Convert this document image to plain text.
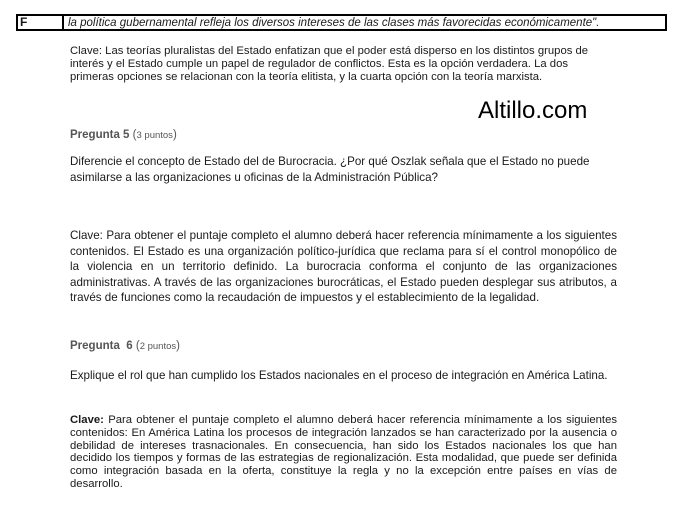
F	la política gubernamental refleja los diversos intereses de las clases más favorecidas económicamente".
Clave: Las teorías pluralistas del Estado enfatizan que el poder está disperso en los distintos grupos de interés y el Estado cumple un papel de regulador de conflictos. Esta es la opción verdadera. La dos primeras opciones se relacionan con la teoría elitista, y la cuarta opción con la teoría marxista.
Altillo.com
Pregunta 5 (3 puntos)
Diferencie el concepto de Estado del de Burocracia. ¿Por qué Oszlak señala que el Estado no puede asimilarse a las organizaciones u oficinas de la Administración Pública?
Clave: Para obtener el puntaje completo el alumno deberá hacer referencia mínimamente a los siguientes contenidos. El Estado es una organización político-jurídica que reclama para sí el control monopólico de la violencia en un territorio definido. La burocracia conforma el conjunto de las organizaciones administrativas. A través de las organizaciones burocráticas, el Estado pueden desplegar sus atributos, a través de funciones como la recaudación de impuestos y el establecimiento de la legalidad.
Pregunta  6 (2 puntos)
Explique el rol que han cumplido los Estados nacionales en el proceso de integración en América Latina.
Clave: Para obtener el puntaje completo el alumno deberá hacer referencia mínimamente a los siguientes contenidos: En América Latina los procesos de integración lanzados se han caracterizado por la ausencia o debilidad de intereses trasnacionales. En consecuencia, han sido los Estados nacionales los que han decidido los tiempos y formas de las estrategias de regionalización. Esta modalidad, que puede ser definida como integración basada en la oferta, constituye la regla y no la excepción entre países en vías de desarrollo.
